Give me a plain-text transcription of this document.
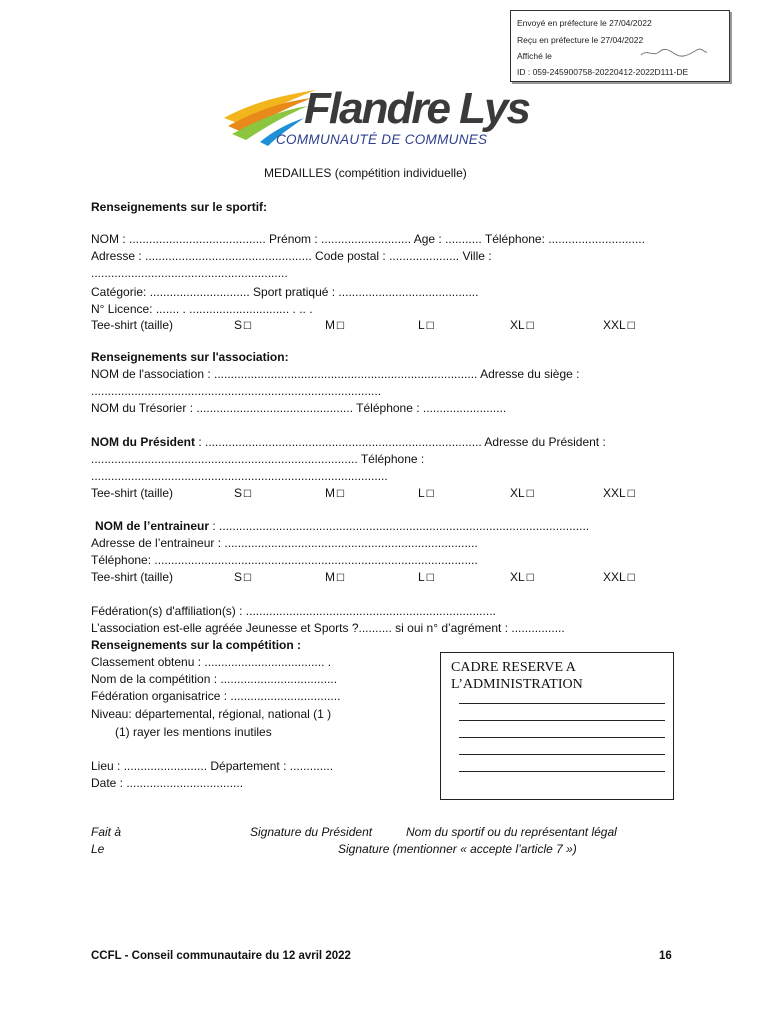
Envoyé en préfecture le 27/04/2022
Reçu en préfecture le 27/04/2022
Affiché le
ID : 059-245900758-20220412-2022D111-DE
Flandre Lys
COMMUNAUTÉ DE COMMUNES
MEDAILLES (compétition individuelle)
Renseignements sur le sportif:
NOM : ......................................... Prénom : ........................... Age : ........... Téléphone: .............................
Adresse : .................................................. Code postal : ..................... Ville :
...........................................................
Catégorie: .............................. Sport pratiqué : ..........................................
N° Licence: ....... . .............................. . .. .
Tee-shirt (taille)	S☐	M☐	L☐	XL☐	XXL☐
Renseignements sur l'association:
NOM de l'association : ............................................................................... Adresse du siège :
.......................................................................................
NOM du Trésorier : ............................................... Téléphone : .........................
NOM du Président : ................................................................................... Adresse du Président :
................................................................................ Téléphone :
.........................................................................................
Tee-shirt (taille)	S☐	M☐	L☐	XL☐	XXL☐
NOM de l’entraineur : ...............................................................................................................
Adresse de l’entraineur : ............................................................................
Téléphone: .................................................................................................
Tee-shirt (taille)	S☐	M☐	L☐	XL☐	XXL☐
Fédération(s) d'affiliation(s) : ...........................................................................
L’association est-elle agréée Jeunesse et Sports ?.......... si oui n° d’agrément : ................
Renseignements sur la compétition :
Classement obtenu : .................................... .
Nom de la compétition : ...................................
Fédération organisatrice : .................................
Niveau: départemental, régional, national (1 )
(1) rayer les mentions inutiles
Lieu : ......................... Département : .............
Date : ...................................
CADRE RESERVE A L’ADMINISTRATION
Fait à
Le
Signature du Président	Nom du sportif ou du représentant légal
Signature (mentionner « accepte l’article 7 »)
CCFL - Conseil communautaire du 12 avril 2022	16
